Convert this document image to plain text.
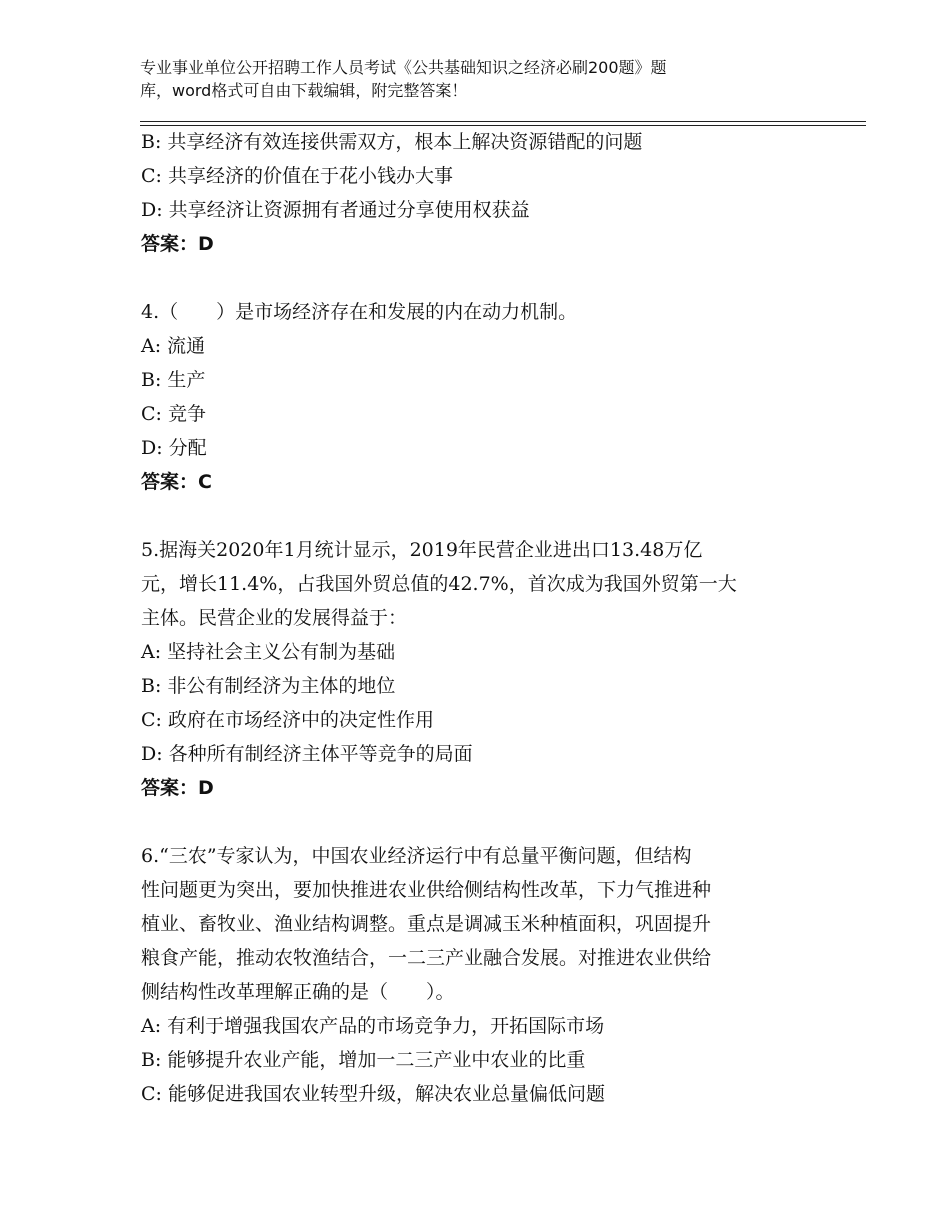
专业事业单位公开招聘工作人员考试《公共基础知识之经济必刷200题》题
库，word格式可自由下载编辑，附完整答案！
B: 共享经济有效连接供需双方，根本上解决资源错配的问题
C: 共享经济的价值在于花小钱办大事
D: 共享经济让资源拥有者通过分享使用权获益
答案：D
4.（　　）是市场经济存在和发展的内在动力机制。
A: 流通
B: 生产
C: 竞争
D: 分配
答案：C
5.据海关2020年1月统计显示，2019年民营企业进出口13.48万亿
元，增长11.4%，占我国外贸总值的42.7%，首次成为我国外贸第一大
主体。民营企业的发展得益于：
A: 坚持社会主义公有制为基础
B: 非公有制经济为主体的地位
C: 政府在市场经济中的决定性作用
D: 各种所有制经济主体平等竞争的局面
答案：D
6.“三农”专家认为，中国农业经济运行中有总量平衡问题，但结构
性问题更为突出，要加快推进农业供给侧结构性改革，下力气推进种
植业、畜牧业、渔业结构调整。重点是调减玉米种植面积，巩固提升
粮食产能，推动农牧渔结合，一二三产业融合发展。对推进农业供给
侧结构性改革理解正确的是（　　）。
A: 有利于增强我国农产品的市场竞争力，开拓国际市场
B: 能够提升农业产能，增加一二三产业中农业的比重
C: 能够促进我国农业转型升级，解决农业总量偏低问题
